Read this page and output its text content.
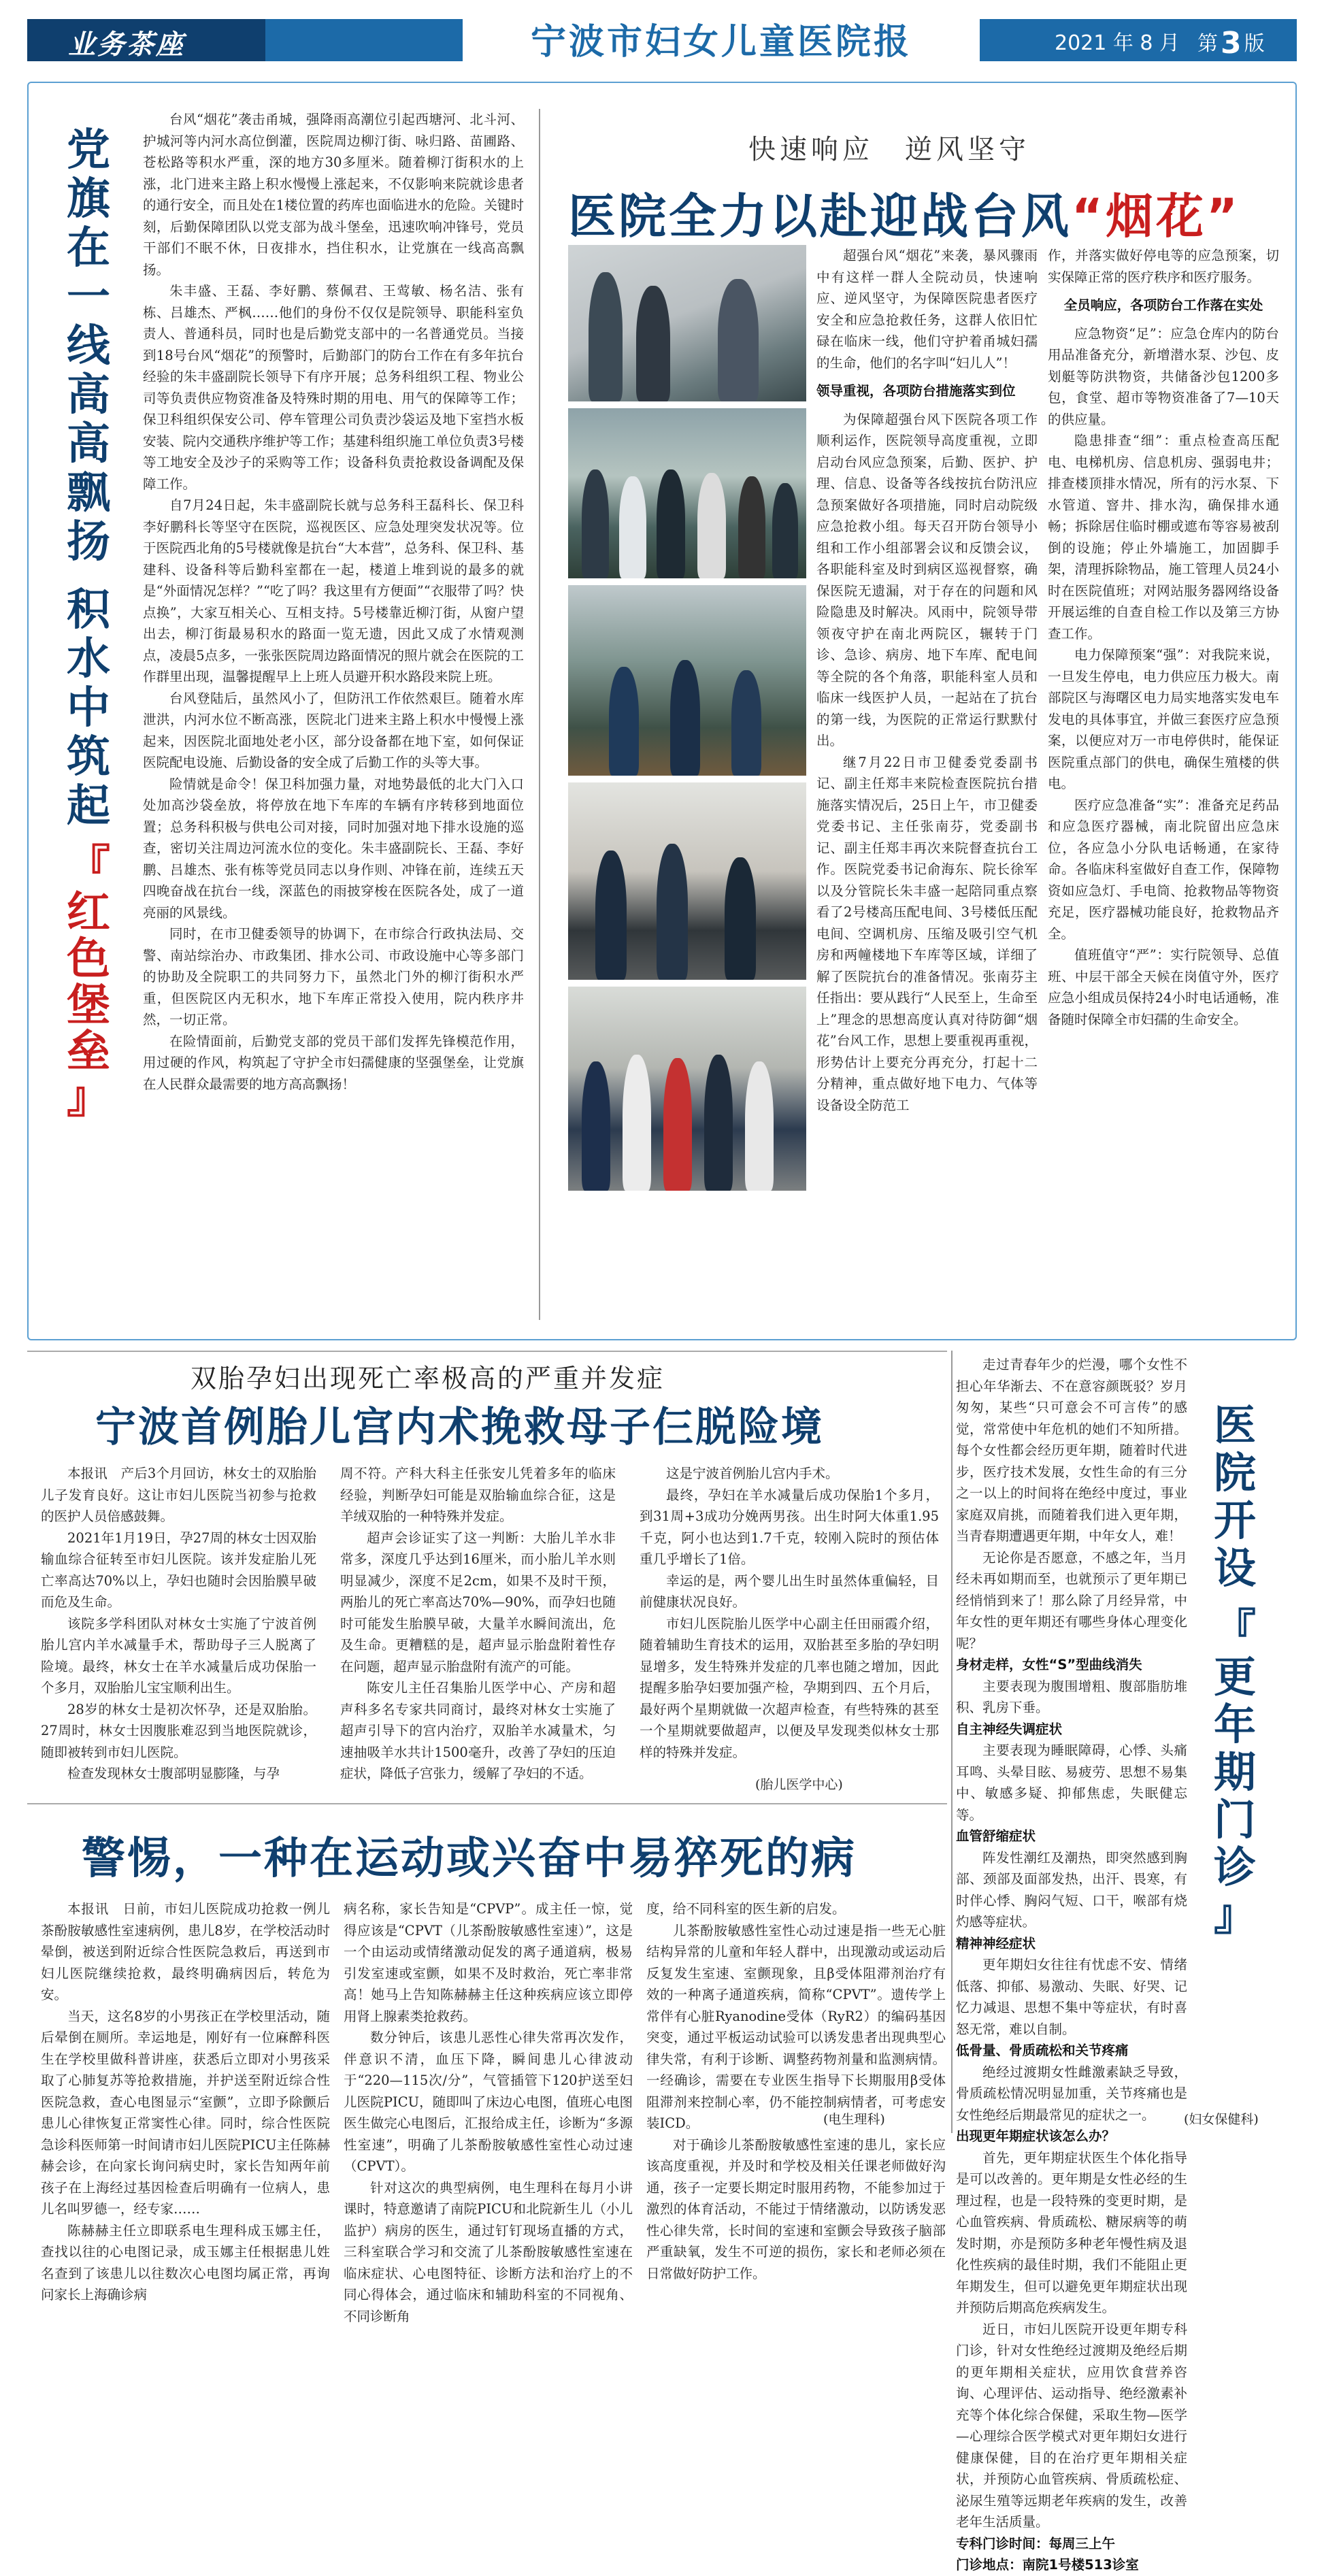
业务茶座	宁波市妇女儿童医院报	2021 年 8 月 第3 版
党
旗
在
一
线
高
高
飘
扬
积
水
中
筑
起
『
红
色
堡
垒
』

台风“烟花”袭击甬城，强降雨高潮位引起西塘河、北斗河、护城河等内河水高位倒灌，医院周边柳汀街、咏归路、苗圃路、苍松路等积水严重，深的地方30多厘米。随着柳汀街积水的上涨，北门进来主路上积水慢慢上涨起来，不仅影响来院就诊患者的通行安全，而且处在1楼位置的药库也面临进水的危险。关键时刻，后勤保障团队以党支部为战斗堡垒，迅速吹响冲锋号，党员干部们不眠不休，日夜排水，挡住积水，让党旗在一线高高飘扬。

朱丰盛、王磊、李好鹏、蔡佩君、王莺敏、杨名洁、张有栋、吕雄杰、严枫……他们的身份不仅仅是院领导、职能科室负责人、普通科员，同时也是后勤党支部中的一名普通党员。当接到18号台风“烟花”的预警时，后勤部门的防台工作在有多年抗台经验的朱丰盛副院长领导下有序开展；总务科组织工程、物业公司等负责供应物资准备及特殊时期的用电、用气的保障等工作；保卫科组织保安公司、停车管理公司负责沙袋运及地下室挡水板安装、院内交通秩序维护等工作；基建科组织施工单位负责3号楼等工地安全及沙子的采购等工作；设备科负责抢救设备调配及保障工作。

自7月24日起，朱丰盛副院长就与总务科王磊科长、保卫科李好鹏科长等坚守在医院，巡视医区、应急处理突发状况等。位于医院西北角的5号楼就像是抗台“大本营”，总务科、保卫科、基建科、设备科等后勤科室都在一起，楼道上堆到说的最多的就是“外面情况怎样？”“吃了吗？我这里有方便面”“衣服带了吗？快点换”，大家互相关心、互相支持。5号楼靠近柳汀街，从窗户望出去，柳汀街最易积水的路面一览无遗，因此又成了水情观测点，凌晨5点多，一张张医院周边路面情况的照片就会在医院的工作群里出现，温馨提醒早上上班人员避开积水路段来院上班。

台风登陆后，虽然风小了，但防汛工作依然艰巨。随着水库泄洪，内河水位不断高涨，医院北门进来主路上积水中慢慢上涨起来，因医院北面地处老小区，部分设备都在地下室，如何保证医院配电设施、后勤设备的安全成了后勤工作的头等大事。

险情就是命令！保卫科加强力量，对地势最低的北大门入口处加高沙袋垒放，将停放在地下车库的车辆有序转移到地面位置；总务科积极与供电公司对接，同时加强对地下排水设施的巡查，密切关注周边河流水位的变化。朱丰盛副院长、王磊、李好鹏、吕雄杰、张有栋等党员同志以身作则、冲锋在前，连续五天四晚奋战在抗台一线，深蓝色的雨披穿梭在医院各处，成了一道亮丽的风景线。

同时，在市卫健委领导的协调下，在市综合行政执法局、交警、南站综治办、市政集团、排水公司、市政设施中心等多部门的协助及全院职工的共同努力下，虽然北门外的柳汀街积水严重，但医院区内无积水，地下车库正常投入使用，院内秩序井然，一切正常。

在险情面前，后勤党支部的党员干部们发挥先锋模范作用，用过硬的作风，构筑起了守护全市妇孺健康的坚强堡垒，让党旗在人民群众最需要的地方高高飘扬！

快速响应　逆风坚守
医院全力以赴迎战台风“烟花”

超强台风“烟花”来袭，暴风骤雨中有这样一群人全院动员，快速响应、逆风坚守，为保障医院患者医疗安全和应急抢救任务，这群人依旧忙碌在临床一线，他们守护着甬城妇孺的生命，他们的名字叫“妇儿人”！

领导重视，各项防台措施落实到位

为保障超强台风下医院各项工作顺利运作，医院领导高度重视，立即启动台风应急预案，后勤、医护、护理、信息、设备等各线按抗台防汛应急预案做好各项措施，同时启动院级应急抢救小组。每天召开防台领导小组和工作小组部署会议和反馈会议，各职能科室及时到病区巡视督察，确保医院无遗漏，对于存在的问题和风险隐患及时解决。风雨中，院领导带领夜守护在南北两院区，辗转于门诊、急诊、病房、地下车库、配电间等全院的各个角落，职能科室人员和临床一线医护人员，一起站在了抗台的第一线，为医院的正常运行默默付出。

继7月22日市卫健委党委副书记、副主任郑丰来院检查医院抗台措施落实情况后，25日上午，市卫健委党委书记、主任张南芬，党委副书记、副主任郑丰再次来院督查抗台工作。医院党委书记俞海东、院长徐军以及分管院长朱丰盛一起陪同重点察看了2号楼高压配电间、3号楼低压配电间、空调机房、压缩及吸引空气机房和两幢楼地下车库等区域，详细了解了医院抗台的准备情况。张南芬主任指出：要从践行“人民至上，生命至上”理念的思想高度认真对待防御“烟花”台风工作，思想上要重视再重视，形势估计上要充分再充分，打起十二分精神，重点做好地下电力、气体等设备设全防范工

作，并落实做好停电等的应急预案，切实保障正常的医疗秩序和医疗服务。

全员响应，各项防台工作落在实处

应急物资“足”：应急仓库内的防台用品准备充分，新增潜水泵、沙包、皮划艇等防洪物资，共储备沙包1200多包，食堂、超市等物资准备了7—10天的供应量。

隐患排查“细”：重点检查高压配电、电梯机房、信息机房、强弱电井；排查楼顶排水情况，所有的污水泵、下水管道、窨井、排水沟，确保排水通畅；拆除居住临时棚或遮布等容易被刮倒的设施；停止外墙施工，加固脚手架，清理拆除物品，施工管理人员24小时在医院值班；对网站服务器网络设备开展运维的自查自检工作以及第三方协查工作。

电力保障预案“强”：对我院来说，一旦发生停电，电力供应压力极大。南部院区与海曙区电力局实地落实发电车发电的具体事宜，并做三套医疗应急预案，以便应对万一市电停供时，能保证医院重点部门的供电，确保生殖楼的供电。

医疗应急准备“实”：准备充足药品和应急医疗器械，南北院留出应急床位，各应急小分队电话畅通，在家待命。各临床科室做好自查工作，保障物资如应急灯、手电筒、抢救物品等物资充足，医疗器械功能良好，抢救物品齐全。

值班值守“严”：实行院领导、总值班、中层干部全天候在岗值守外，医疗应急小组成员保持24小时电话通畅，准备随时保障全市妇孺的生命安全。

双胎孕妇出现死亡率极高的严重并发症
宁波首例胎儿宫内术挽救母子仨脱险境

本报讯　产后3个月回访，林女士的双胎胎儿子发育良好。这让市妇儿医院当初参与抢救的医护人员倍感鼓舞。

2021年1月19日，孕27周的林女士因双胎输血综合征转至市妇儿医院。该并发症胎儿死亡率高达70%以上，孕妇也随时会因胎膜早破而危及生命。

该院多学科团队对林女士实施了宁波首例胎儿宫内羊水减量手术，帮助母子三人脱离了险境。最终，林女士在羊水减量后成功保胎一个多月，双胎胎儿宝宝顺利出生。

28岁的林女士是初次怀孕，还是双胎胎。27周时，林女士因腹胀难忍到当地医院就诊，随即被转到市妇儿医院。

检查发现林女士腹部明显膨隆，与孕

周不符。产科大科主任张安儿凭着多年的临床经验，判断孕妇可能是双胎输血综合征，这是羊绒双胎的一种特殊并发症。

超声会诊证实了这一判断：大胎儿羊水非常多，深度几乎达到16厘米，而小胎儿羊水则明显减少，深度不足2cm，如果不及时干预，两胎儿的死亡率高达70%—90%，而孕妇也随时可能发生胎膜早破，大量羊水瞬间流出，危及生命。更糟糕的是，超声显示胎盘附着性存在问题，超声显示胎盘附有流产的可能。

陈安儿主任召集胎儿医学中心、产房和超声科多名专家共同商讨，最终对林女士实施了超声引导下的宫内治疗，双胎羊水减量术，匀速抽吸羊水共计1500毫升，改善了孕妇的压迫症状，降低子宫张力，缓解了孕妇的不适。

这是宁波首例胎儿宫内手术。

最终，孕妇在羊水减量后成功保胎1个多月，到31周+3成功分娩两男孩。出生时阿大体重1.95千克，阿小也达到1.7千克，较刚入院时的预估体重几乎增长了1倍。

幸运的是，两个婴儿出生时虽然体重偏轻，目前健康状况良好。

市妇儿医院胎儿医学中心副主任田丽霞介绍，随着辅助生育技术的运用，双胎甚至多胎的孕妇明显增多，发生特殊并发症的几率也随之增加，因此提醒多胎孕妇要加强产检，孕期到四、五个月后，最好两个星期就做一次超声检查，有些特殊的甚至一个星期就要做超声，以便及早发现类似林女士那样的特殊并发症。

(胎儿医学中心)
警惕，一种在运动或兴奋中易猝死的病

本报讯　日前，市妇儿医院成功抢救一例儿茶酚胺敏感性室速病例，患儿8岁，在学校活动时晕倒，被送到附近综合性医院急救后，再送到市妇儿医院继续抢救，最终明确病因后，转危为安。

当天，这名8岁的小男孩正在学校里活动，随后晕倒在厕所。幸运地是，刚好有一位麻醉科医生在学校里做科普讲座，获悉后立即对小男孩采取了心肺复苏等抢救措施，并护送至附近综合性医院急救，查心电图显示“室颤”，立即予除颤后患儿心律恢复正常窦性心律。同时，综合性医院急诊科医师第一时间请市妇儿医院PICU主任陈赫赫会诊，在向家长询问病史时，家长告知两年前孩子在上海经过基因检查后明确有一位病人，患儿名叫罗德一，经专家……

陈赫赫主任立即联系电生理科成玉娜主任，查找以往的心电图记录，成玉娜主任根据患儿姓名查到了该患儿以往数次心电图均属正常，再询问家长上海确诊病

病名称，家长告知是“CPVP”。成主任一惊，觉得应该是“CPVT（儿茶酚胺敏感性室速）”，这是一个由运动或情绪激动促发的离子通道病，极易引发室速或室颤，如果不及时救治，死亡率非常高！她马上告知陈赫赫主任这种疾病应该立即停用肾上腺素类抢救药。

数分钟后，该患儿恶性心律失常再次发作，伴意识不清，血压下降，瞬间患儿心律波动于“220—115次/分”，气管插管下120护送至妇儿医院PICU，随即叫了床边心电图，值班心电图医生做完心电图后，汇报给成主任，诊断为“多源性室速”，明确了儿茶酚胺敏感性室性心动过速（CPVT）。

针对这次的典型病例，电生理科在每月小讲课时，特意邀请了南院PICU和北院新生儿（小儿监护）病房的医生，通过钉钉现场直播的方式，三科室联合学习和交流了儿茶酚胺敏感性室速在临床症状、心电图特征、诊断方法和治疗上的不同心得体会，通过临床和辅助科室的不同视角、不同诊断角

度，给不同科室的医生新的启发。

儿茶酚胺敏感性室性心动过速是指一些无心脏结构异常的儿童和年轻人群中，出现激动或运动后反复发生室速、室颤现象，且β受体阻滞剂治疗有效的一种离子通道疾病，简称“CPVT”。遗传学上常伴有心脏Ryanodine受体（RyR2）的编码基因突变，通过平板运动试验可以诱发患者出现典型心律失常，有利于诊断、调整药物剂量和监测病情。一经确诊，需要在专业医生指导下长期服用β受体阻滞剂来控制心率，仍不能控制病情者，可考虑安装ICD。

对于确诊儿茶酚胺敏感性室速的患儿，家长应该高度重视，并及时和学校及相关任课老师做好沟通，孩子一定要长期定时服用药物，不能参加过于激烈的体育活动，不能过于情绪激动，以防诱发恶性心律失常，长时间的室速和室颤会导致孩子脑部严重缺氧，发生不可逆的损伤，家长和老师必须在日常做好防护工作。

(电生理科)

走过青春年少的烂漫，哪个女性不担心年华渐去、不在意容颜既驳？岁月匆匆，某些“只可意会不可言传”的感觉，常常使中年危机的她们不知所措。每个女性都会经历更年期，随着时代进步，医疗技术发展，女性生命的有三分之一以上的时间将在绝经中度过，事业家庭双肩挑，而随着我们进入更年期，当青春期遭遇更年期，中年女人，难！

无论你是否愿意，不感之年，当月经未再如期而至，也就预示了更年期已经悄悄到来了！那么除了月经异常，中年女性的更年期还有哪些身体心理变化呢？

身材走样，女性“S”型曲线消失

主要表现为腹围增粗、腹部脂肪堆积、乳房下垂。

自主神经失调症状

主要表现为睡眠障碍，心悸、头痛耳鸣、头晕目眩、易疲劳、思想不易集中、敏感多疑、抑郁焦虑，失眠健忘等。

血管舒缩症状

阵发性潮红及潮热，即突然感到胸部、颈部及面部发热，出汗、畏寒，有时伴心悸、胸闷气短、口干，喉部有烧灼感等症状。

精神神经症状

更年期妇女往往有忧虑不安、情绪低落、抑郁、易激动、失眠、好哭、记忆力减退、思想不集中等症状，有时喜怒无常，难以自制。

低骨量、骨质疏松和关节疼痛

绝经过渡期女性雌激素缺乏导致，骨质疏松情况明显加重，关节疼痛也是女性绝经后期最常见的症状之一。

出现更年期症状该怎么办？

首先，更年期症状医生个体化指导是可以改善的。更年期是女性必经的生理过程，也是一段特殊的变更时期，是心血管疾病、骨质疏松、糖尿病等的萌发时期，亦是预防多种老年慢性病及退化性疾病的最佳时期，我们不能阻止更年期发生，但可以避免更年期症状出现并预防后期高危疾病发生。

近日，市妇儿医院开设更年期专科门诊，针对女性绝经过渡期及绝经后期的更年期相关症状，应用饮食营养咨询、心理评估、运动指导、绝经激素补充等个体化综合保健，采取生物—医学—心理综合医学模式对更年期妇女进行健康保健，目的在治疗更年期相关症状，并预防心血管疾病、骨质疏松症、泌尿生殖等远期老年疾病的发生，改善老年生活质量。

专科门诊时间：每周三上午

门诊地点：南院1号楼513诊室

医
院
开
设
『
更
年
期
门
诊
』
(妇女保健科)
